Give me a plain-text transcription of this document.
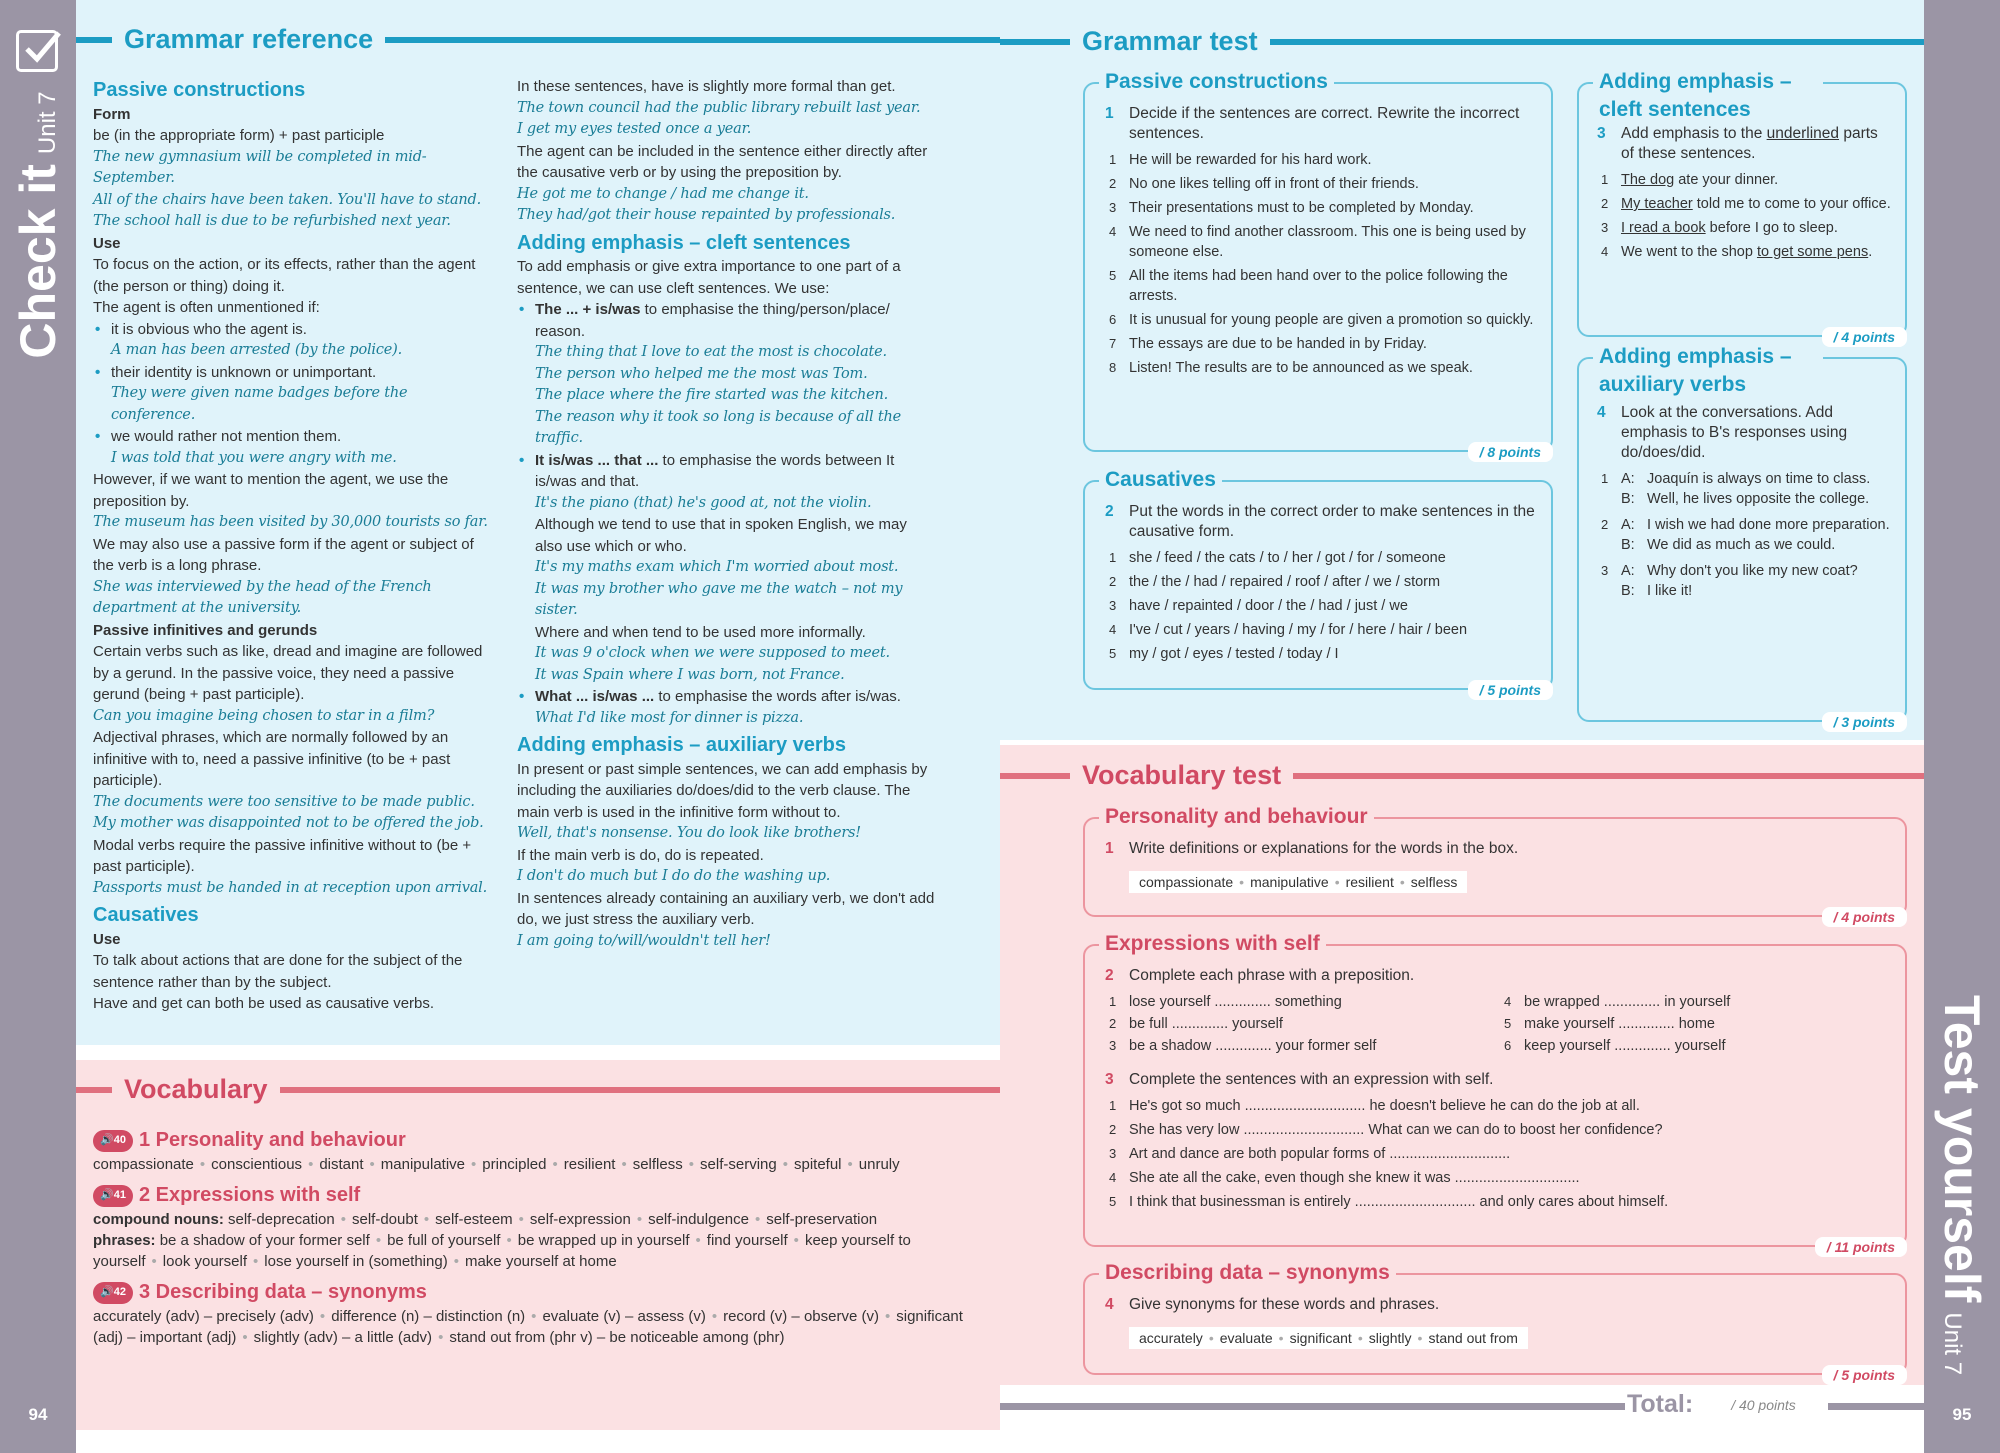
Check itUnit 7
94
Test yourselfUnit 7
95
Grammar reference
Passive constructions

Form

be (in the appropriate form) + past participle

The new gymnasium will be completed in mid-September.

All of the chairs have been taken. You'll have to stand.

The school hall is due to be refurbished next year.

Use

To focus on the action, or its effects, rather than the agent (the person or thing) doing it.

The agent is often unmentioned if:

• it is obvious who the agent is.

A man has been arrested (by the police).

• their identity is unknown or unimportant.

They were given name badges before the conference.

• we would rather not mention them.

I was told that you were angry with me.

However, if we want to mention the agent, we use the preposition by.

The museum has been visited by 30,000 tourists so far.

We may also use a passive form if the agent or subject of the verb is a long phrase.

She was interviewed by the head of the French department at the university.

Passive infinitives and gerunds

Certain verbs such as like, dread and imagine are followed by a gerund. In the passive voice, they need a passive gerund (being + past participle).

Can you imagine being chosen to star in a film?

Adjectival phrases, which are normally followed by an infinitive with to, need a passive infinitive (to be + past participle).

The documents were too sensitive to be made public.

My mother was disappointed not to be offered the job.

Modal verbs require the passive infinitive without to (be + past participle).

Passports must be handed in at reception upon arrival.

Causatives

Use

To talk about actions that are done for the subject of the sentence rather than by the subject.

Have and get can both be used as causative verbs.

In these sentences, have is slightly more formal than get.

The town council had the public library rebuilt last year.

I get my eyes tested once a year.

The agent can be included in the sentence either directly after the causative verb or by using the preposition by.

He got me to change / had me change it.

They had/got their house repainted by professionals.

Adding emphasis – cleft sentences

To add emphasis or give extra importance to one part of a sentence, we can use cleft sentences. We use:

• The ... + is/was to emphasise the thing/person/place/ reason.

The thing that I love to eat the most is chocolate.

The person who helped me the most was Tom.

The place where the fire started was the kitchen.

The reason why it took so long is because of all the traffic.

• It is/was ... that ... to emphasise the words between It is/was and that.

It's the piano (that) he's good at, not the violin.

Although we tend to use that in spoken English, we may also use which or who.

It's my maths exam which I'm worried about most.

It was my brother who gave me the watch – not my sister.

Where and when tend to be used more informally.

It was 9 o'clock when we were supposed to meet.

It was Spain where I was born, not France.

• What ... is/was ... to emphasise the words after is/was.

What I'd like most for dinner is pizza.

Adding emphasis – auxiliary verbs

In present or past simple sentences, we can add emphasis by including the auxiliaries do/does/did to the verb clause. The main verb is used in the infinitive form without to.

Well, that's nonsense. You do look like brothers!

If the main verb is do, do is repeated.

I don't do much but I do do the washing up.

In sentences already containing an auxiliary verb, we don't add do, we just stress the auxiliary verb.

I am going to/will/wouldn't tell her!

Vocabulary
🔊 40 1 Personality and behaviour
compassionate • conscientious • distant • manipulative • principled • resilient • selfless • self-serving • spiteful • unruly
🔊 41 2 Expressions with self
compound nouns: self-deprecation • self-doubt • self-esteem • self-expression • self-indulgence • self-preservation
phrases: be a shadow of your former self • be full of yourself • be wrapped up in yourself • find yourself • keep yourself to yourself • look yourself • lose yourself in (something) • make yourself at home
🔊 42 3 Describing data – synonyms
accurately (adv) – precisely (adv) • difference (n) – distinction (n) • evaluate (v) – assess (v) • record (v) – observe (v) • significant (adj) – important (adj) • slightly (adv) – a little (adv) • stand out from (phr v) – be noticeable among (phr)
Grammar test
Passive constructions
1 Decide if the sentences are correct. Rewrite the incorrect sentences.
1 He will be rewarded for his hard work.
2 No one likes telling off in front of their friends.
3 Their presentations must to be completed by Monday.
4 We need to find another classroom. This one is being used by someone else.
5 All the items had been hand over to the police following the arrests.
6 It is unusual for young people are given a promotion so quickly.
7 The essays are due to be handed in by Friday.
8 Listen! The results are to be announced as we speak.
/ 8 points
Causatives
2 Put the words in the correct order to make sentences in the causative form.
1 she / feed / the cats / to / her / got / for / someone
2 the / the / had / repaired / roof / after / we / storm
3 have / repainted / door / the / had / just / we
4 I've / cut / years / having / my / for / here / hair / been
5 my / got / eyes / tested / today / I
/ 5 points
Adding emphasis – cleft sentences
3 Add emphasis to the underlined parts of these sentences.
1 The dog ate your dinner.
2 My teacher told me to come to your office.
3 I read a book before I go to sleep.
4 We went to the shop to get some pens.
/ 4 points
Adding emphasis – auxiliary verbs
4 Look at the conversations. Add emphasis to B's responses using do/does/did.
1 A: Joaquín is always on time to class.
B: Well, he lives opposite the college.
2 A: I wish we had done more preparation.
B: We did as much as we could.
3 A: Why don't you like my new coat?
B: I like it!
/ 3 points
Vocabulary test
Personality and behaviour
1 Write definitions or explanations for the words in the box.
compassionate • manipulative • resilient • selfless
/ 4 points
Expressions with self
2 Complete each phrase with a preposition.
1 lose yourself .............. something
2 be full .............. yourself
3 be a shadow .............. your former self
4 be wrapped .............. in yourself
5 make yourself .............. home
6 keep yourself .............. yourself
3 Complete the sentences with an expression with self.
1 He's got so much .............................. he doesn't believe he can do the job at all.
2 She has very low .............................. What can we can do to boost her confidence?
3 Art and dance are both popular forms of ..............................
4 She ate all the cake, even though she knew it was ...............................
5 I think that businessman is entirely .............................. and only cares about himself.
/ 11 points
Describing data – synonyms
4 Give synonyms for these words and phrases.
accurately • evaluate • significant • slightly • stand out from
/ 5 points
Total:	/ 40 points
